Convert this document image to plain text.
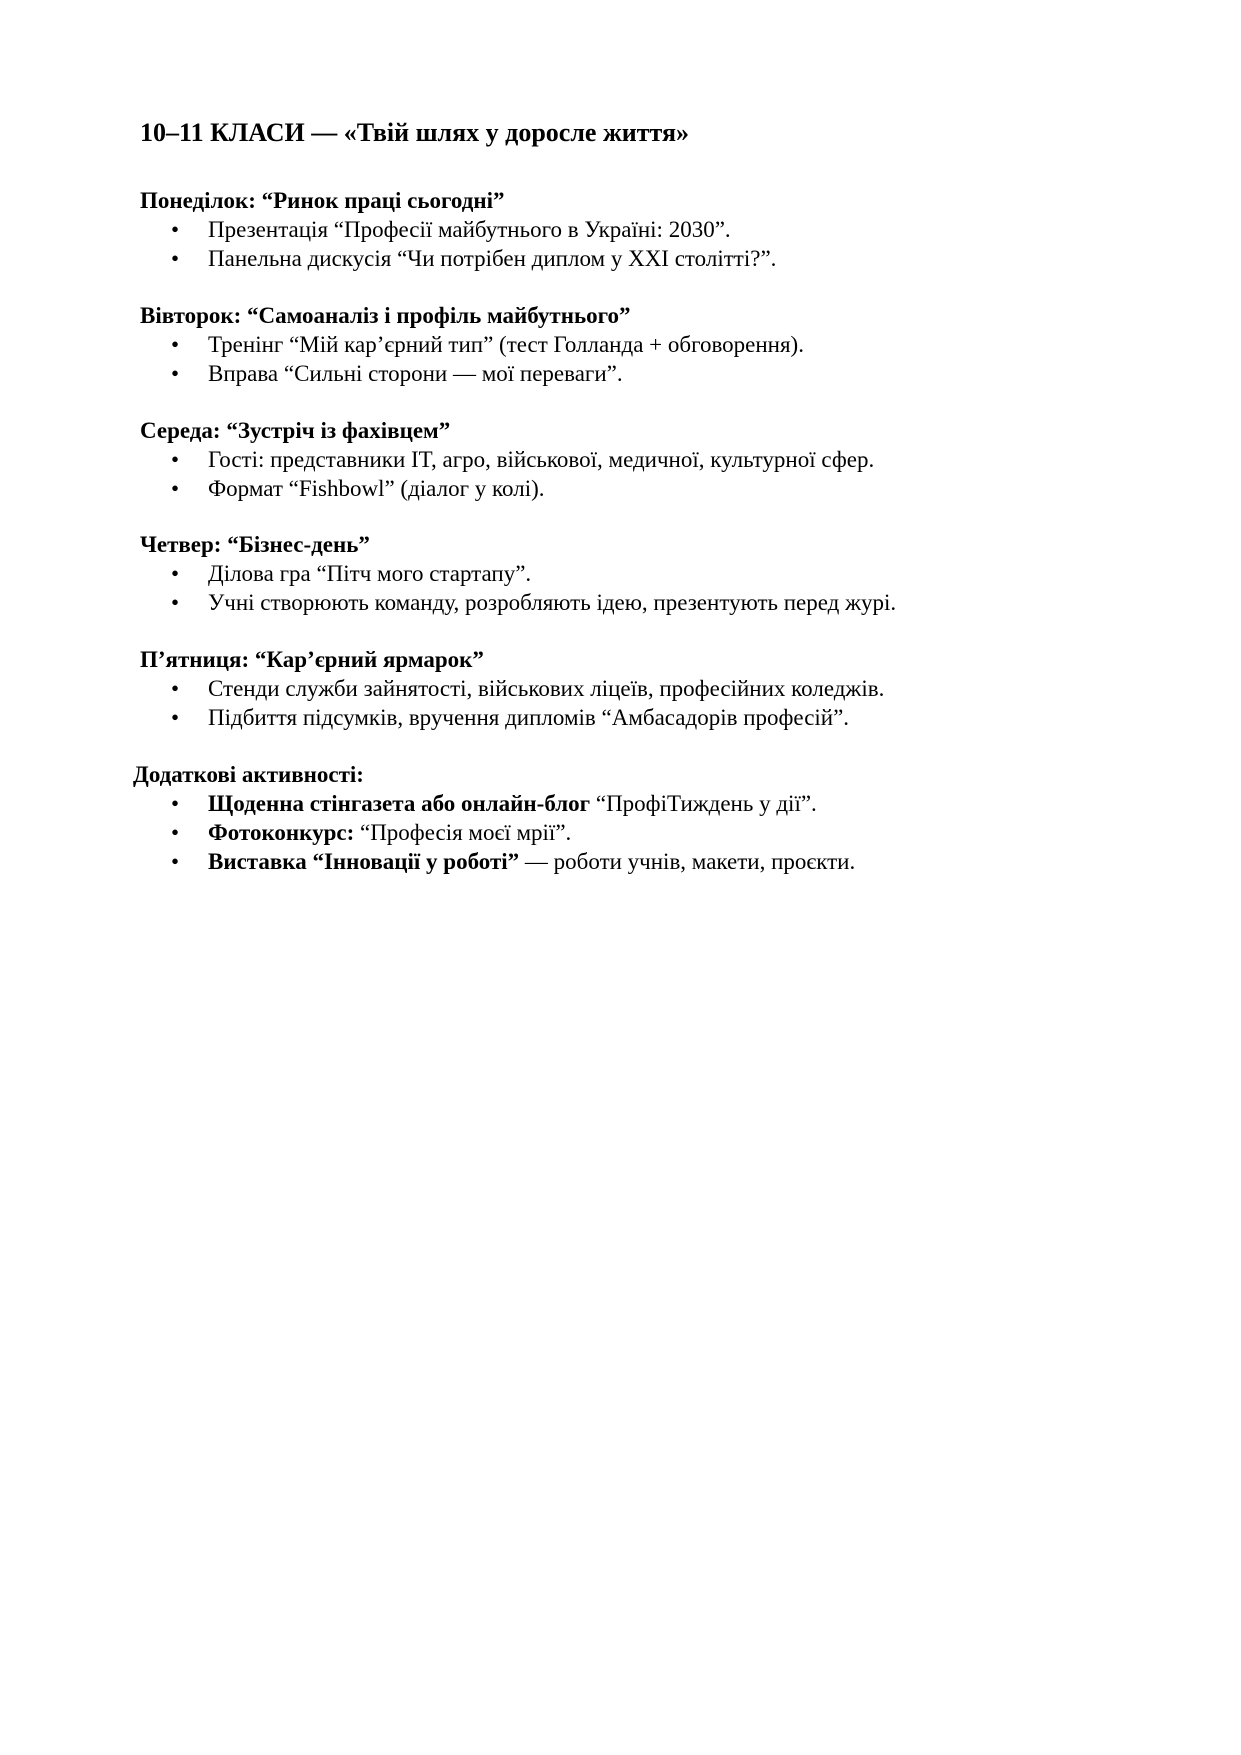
10–11 КЛАСИ — «Твій шлях у доросле життя»
Понеділок: “Ринок праці сьогодні”
• Презентація “Професії майбутнього в Україні: 2030”.
• Панельна дискусія “Чи потрібен диплом у XXI столітті?”.
Вівторок: “Самоаналіз і профіль майбутнього”
• Тренінг “Мій кар’єрний тип” (тест Голланда + обговорення).
• Вправа “Сильні сторони — мої переваги”.
Середа: “Зустріч із фахівцем”
• Гості: представники IT, агро, військової, медичної, культурної сфер.
• Формат “Fishbowl” (діалог у колі).
Четвер: “Бізнес-день”
• Ділова гра “Пітч мого стартапу”.
• Учні створюють команду, розробляють ідею, презентують перед журі.
П’ятниця: “Кар’єрний ярмарок”
• Стенди служби зайнятості, військових ліцеїв, професійних коледжів.
• Підбиття підсумків, вручення дипломів “Амбасадорів професій”.
Додаткові активності:
• Щоденна стінгазета або онлайн-блог “ПрофіТиждень у дії”.
• Фотоконкурс: “Професія моєї мрії”.
• Виставка “Інновації у роботі” — роботи учнів, макети, проєкти.
